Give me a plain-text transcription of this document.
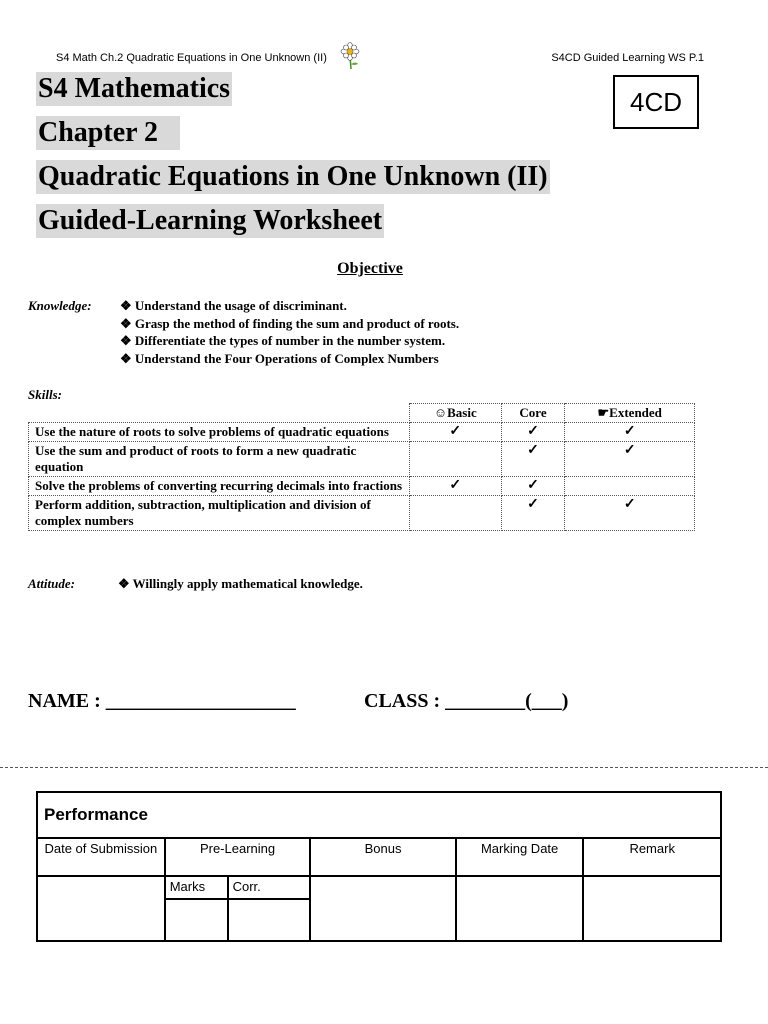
S4 Math Ch.2 Quadratic Equations in One Unknown (II)	S4CD Guided Learning WS P.1
S4 Mathematics
Chapter 2
Quadratic Equations in One Unknown (II)
Guided-Learning Worksheet
4CD
Objective
Knowledge: ❖ Understand the usage of discriminant.
❖ Grasp the method of finding the sum and product of roots.
❖ Differentiate the types of number in the number system.
❖ Understand the Four Operations of Complex Numbers
Skills:
	☺Basic	Core	☛Extended
Use the nature of roots to solve problems of quadratic equations	✓	✓	✓
Use the sum and product of roots to form a new quadratic equation		✓	✓
Solve the problems of converting recurring decimals into fractions	✓	✓	
Perform addition, subtraction, multiplication and division of complex numbers		✓	✓
Attitude:	❖ Willingly apply mathematical knowledge.
NAME : ___________________	CLASS : ________(___)
Performance					
Date of Submission	Pre-Learning		Bonus	Marking Date	Remark
	Marks	Corr.			
